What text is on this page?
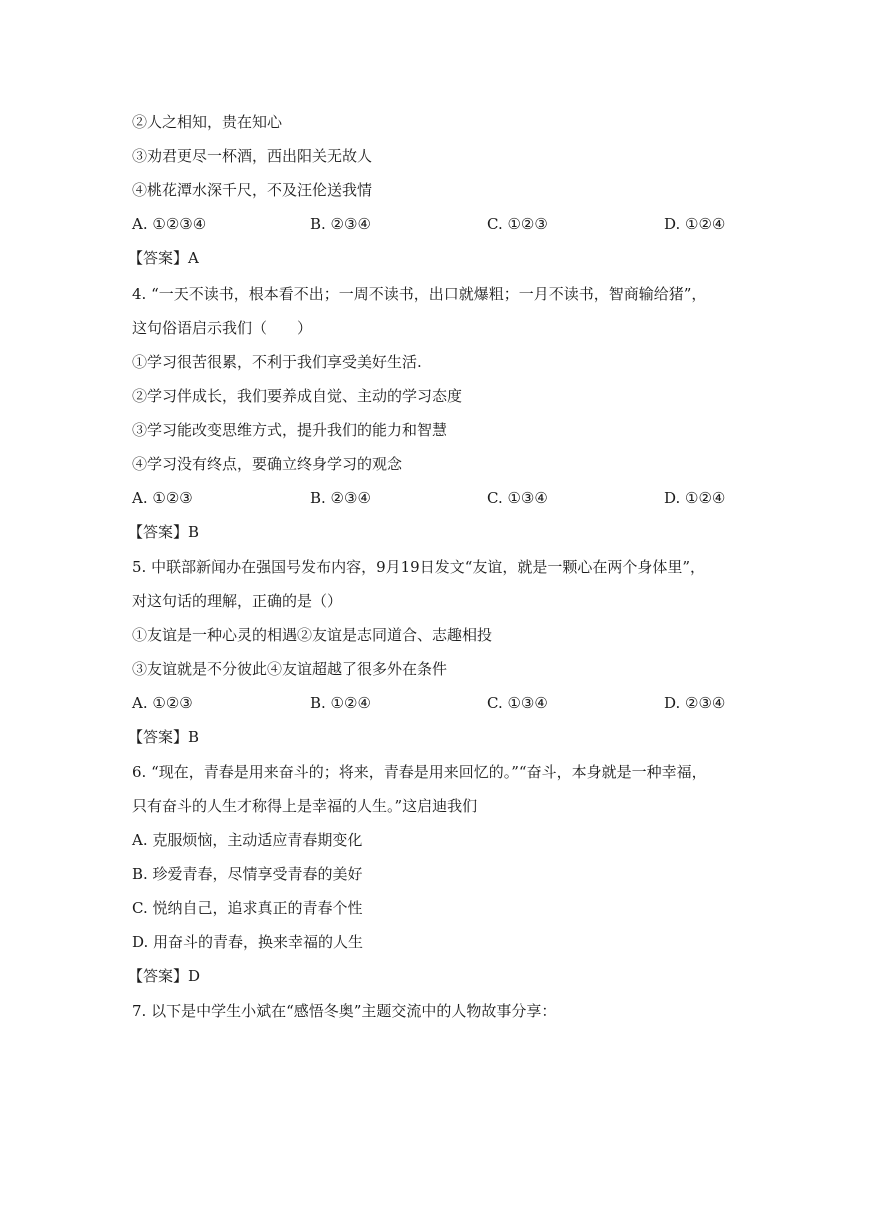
②人之相知，贵在知心
③劝君更尽一杯酒，西出阳关无故人
④桃花潭水深千尺，不及汪伦送我情
A. ①②③④	B. ②③④	C. ①②③	D. ①②④
【答案】A
4. “一天不读书，根本看不出；一周不读书，出口就爆粗；一月不读书，智商输给猪”，
这句俗语启示我们（　　）
①学习很苦很累，不利于我们享受美好生活.
②学习伴成长，我们要养成自觉、主动的学习态度
③学习能改变思维方式，提升我们的能力和智慧
④学习没有终点，要确立终身学习的观念
A. ①②③	B. ②③④	C. ①③④	D. ①②④
【答案】B
5. 中联部新闻办在强国号发布内容，9月19日发文“友谊，就是一颗心在两个身体里”，
对这句话的理解，正确的是（）
①友谊是一种心灵的相遇②友谊是志同道合、志趣相投
③友谊就是不分彼此④友谊超越了很多外在条件
A. ①②③	B. ①②④	C. ①③④	D. ②③④
【答案】B
6. “现在，青春是用来奋斗的；将来，青春是用来回忆的。”“奋斗，本身就是一种幸福，
只有奋斗的人生才称得上是幸福的人生。”这启迪我们
A. 克服烦恼，主动适应青春期变化
B. 珍爱青春，尽情享受青春的美好
C. 悦纳自己，追求真正的青春个性
D. 用奋斗的青春，换来幸福的人生
【答案】D
7. 以下是中学生小斌在“感悟冬奥”主题交流中的人物故事分享：
